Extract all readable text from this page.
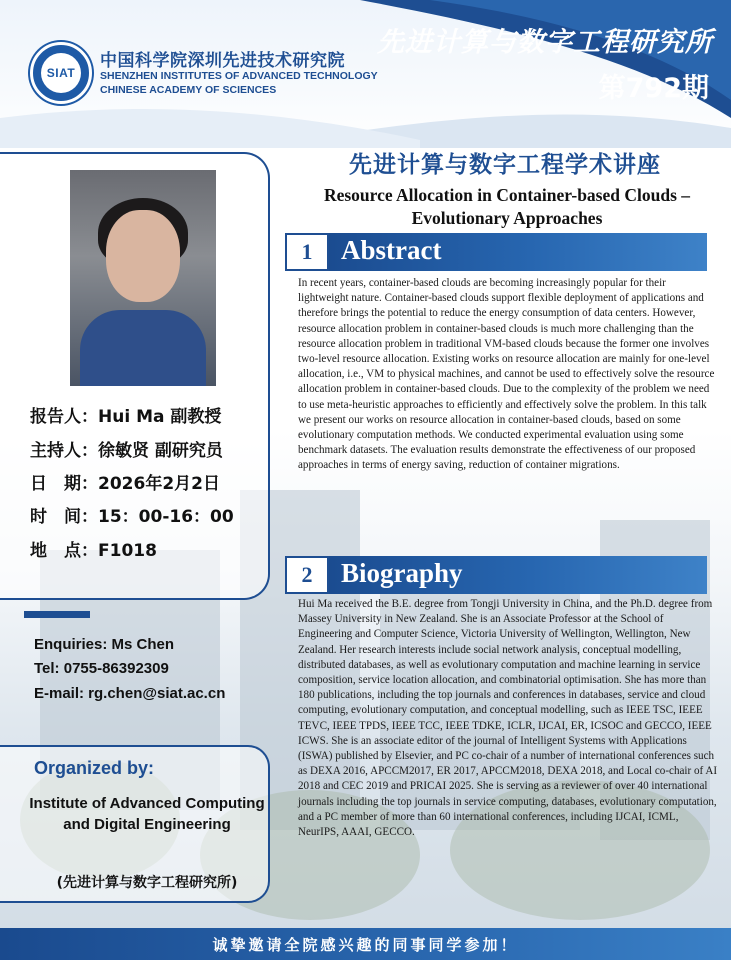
SIAT
中国科学院深圳先进技术研究院
SHENZHEN INSTITUTES OF ADVANCED TECHNOLOGY
CHINESE ACADEMY OF SCIENCES
先进计算与数字工程研究所
第792期
报告人：Hui Ma 副教授
主持人：徐敏贤 副研究员
日　期：2026年2月2日
时　间：15：00-16：00
地　点：F1018
Enquiries: Ms Chen
Tel: 0755-86392309
E-mail: rg.chen@siat.ac.cn
Organized by:
Institute of Advanced Computing and Digital Engineering
(先进计算与数字工程研究所)
先进计算与数字工程学术讲座
Resource Allocation in Container-based Clouds – Evolutionary Approaches
1	Abstract
In recent years, container-based clouds are becoming increasingly popular for their lightweight nature. Container-based clouds support flexible deployment of applications and therefore brings the potential to reduce the energy consumption of data centers. However, resource allocation problem in container-based clouds is much more challenging than the resource allocation problem in traditional VM-based clouds because the former one involves two-level resource allocation. Existing works on resource allocation are mainly for one-level allocation, i.e., VM to physical machines, and cannot be used to effectively solve the resource allocation problem in container-based clouds. Due to the complexity of the problem we need to use meta-heuristic approaches to efficiently and effectively solve the problem. In this talk we present our works on resource allocation in container-based clouds, based on some evolutionary computation methods. We conducted experimental evaluation using some benchmark datasets. The evaluation results demonstrate the effectiveness of our proposed approaches in terms of energy saving, reduction of container migrations.
2	Biography
Hui Ma received the B.E. degree from Tongji University in China, and the Ph.D. degree from Massey University in New Zealand. She is an Associate Professor at the School of Engineering and Computer Science, Victoria University of Wellington, Wellington, New Zealand. Her research interests include social network analysis, conceptual modelling, distributed databases, as well as evolutionary computation and machine learning in service composition, service location allocation, and combinatorial optimisation. She has more than 180 publications, including the top journals and conferences in databases, service and cloud computing, evolutionary computation, and conceptual modelling, such as IEEE TSC, IEEE TEVC, IEEE TPDS, IEEE TCC, IEEE TDKE, ICLR, IJCAI, ER, ICSOC and GECCO, IEEE ICWS. She is an associate editor of the journal of Intelligent Systems with Applications (ISWA) published by Elsevier, and PC co-chair of a number of international conferences such as DEXA 2016, APCCM2017, ER 2017, APCCM2018, DEXA 2018, and Local co-chair of AI 2018 and CEC 2019 and PRICAI 2025. She is serving as a reviewer of over 40 international journals including the top journals in service computing, databases, evolutionary computation, and a PC member of more than 60 international conferences, including IJCAI, ICML, NeurIPS, AAAI, GECCO.
诚挚邀请全院感兴趣的同事同学参加！
